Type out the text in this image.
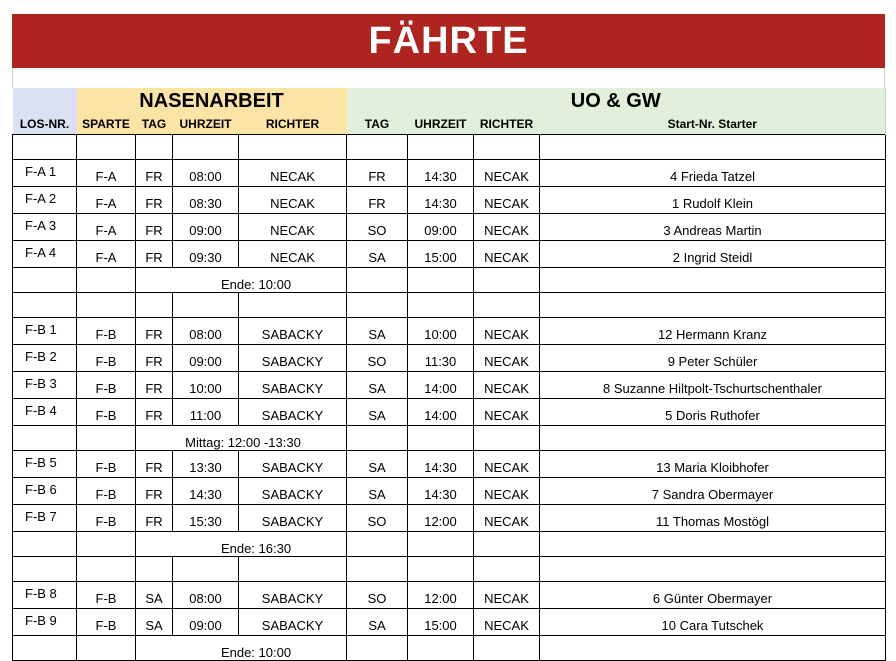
FÄHRTE
	NASENARBEIT				UO & GW			
LOS-NR.	SPARTE	TAG	UHRZEIT	RICHTER	TAG	UHRZEIT	RICHTER	Start-Nr. Starter

F-A 1	F-A	FR	08:00	NECAK	FR	14:30	NECAK	4 Frieda Tatzel
F-A 2	F-A	FR	08:30	NECAK	FR	14:30	NECAK	1 Rudolf Klein
F-A 3	F-A	FR	09:00	NECAK	SO	09:00	NECAK	3 Andreas Martin
F-A 4	F-A	FR	09:30	NECAK	SA	15:00	NECAK	2 Ingrid Steidl
		Ende: 10:00						

F-B 1	F-B	FR	08:00	SABACKY	SA	10:00	NECAK	12 Hermann Kranz
F-B 2	F-B	FR	09:00	SABACKY	SO	11:30	NECAK	9 Peter Schüler
F-B 3	F-B	FR	10:00	SABACKY	SA	14:00	NECAK	8 Suzanne Hiltpolt-Tschurtschenthaler
F-B 4	F-B	FR	11:00	SABACKY	SA	14:00	NECAK	5 Doris Ruthofer
		Mittag: 12:00 -13:30						
F-B 5	F-B	FR	13:30	SABACKY	SA	14:30	NECAK	13 Maria Kloibhofer
F-B 6	F-B	FR	14:30	SABACKY	SA	14:30	NECAK	7 Sandra Obermayer
F-B 7	F-B	FR	15:30	SABACKY	SO	12:00	NECAK	11 Thomas Mostögl
		Ende: 16:30						

F-B 8	F-B	SA	08:00	SABACKY	SO	12:00	NECAK	6 Günter Obermayer
F-B 9	F-B	SA	09:00	SABACKY	SA	15:00	NECAK	10 Cara Tutschek
		Ende: 10:00						
